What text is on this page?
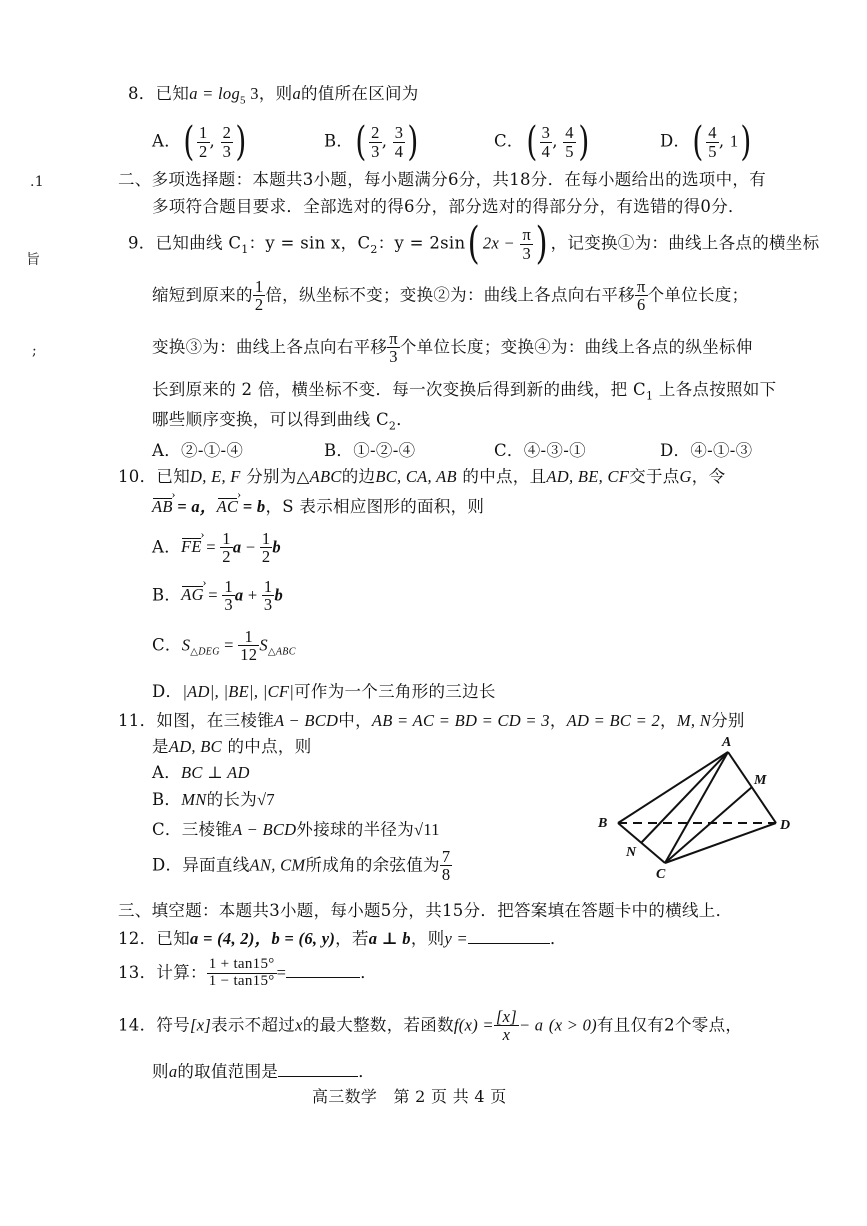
.1
旨
;
8．已知$a = \log_5 3$，则a的值所在区间为
A．( $\frac{1}{2}$ , $\frac{2}{3}$ )	B．( $\frac{2}{3}$ , $\frac{3}{4}$ )	C．( $\frac{3}{4}$ , $\frac{4}{5}$ )	D．( $\frac{4}{5}$ , 1)
二、多项选择题：本题共3小题，每小题满分6分，共18分．在每小题给出的选项中，有
多项符合题目要求．全部选对的得6分，部分选对的得部分分，有选错的得0分．
9．已知曲线 $C_1$：y = sin x，$C_2$：y = 2sin( $2x - \frac{\pi}{3}$ ) ，记变换①为：曲线上各点的横坐标
缩短到原来的 $\frac{1}{2}$ 倍，纵坐标不变；变换②为：曲线上各点向右平移 $\frac{\pi}{6}$ 个单位长度；
变换③为：曲线上各点向右平移 $\frac{\pi}{3}$ 个单位长度；变换④为：曲线上各点的纵坐标伸
长到原来的 2 倍，横坐标不变．每一次变换后得到新的曲线，把 $C_1$ 上各点按照如下
哪些顺序变换，可以得到曲线 $C_2$．
A．②-①-④	B．①-②-④	C．④-③-①	D．④-①-③
10．已知D, E, F 分别为△ABC的边BC, CA, AB 的中点，且AD, BE, CF交于点G，令
AB › = a，AC › = b，S 表示相应图形的面积，则
A．FE › = $\frac{1}{2}$ $a - \frac{1}{2}$ b
B．AG › = $\frac{1}{3}$ $a + \frac{1}{3}$ b
C．$S_{\triangle DEG} = \frac{1}{12} S_{\triangle ABC}$
D．|AD|, |BE|, |CF|可作为一个三角形的三边长
11．如图，在三棱锥A − BCD中，AB = AC = BD = CD = 3，AD = BC = 2，M, N分别
是AD, BC 的中点，则
A．BC ⊥ AD
B．MN的长为√7
C．三棱锥A − BCD外接球的半径为√11
D．异面直线AN, CM所成角的余弦值为 $\frac{7}{8}$
A
B
C
D
M
N
三、填空题：本题共3小题，每小题5分，共15分．把答案填在答题卡中的横线上．
12．已知a = (4, 2)，b = (6, y)，若a ⊥ b，则y =	．
13．计算： $\frac{1 + \tan 15^\circ}{1 - \tan 15^\circ}$ =	．
14．符号[x]表示不超过x的最大整数，若函数$f(x) = \frac{[x]}{x} - a$ (x > 0)有且仅有2个零点，
则a的取值范围是	．
高三数学　第 2 页 共 4 页
